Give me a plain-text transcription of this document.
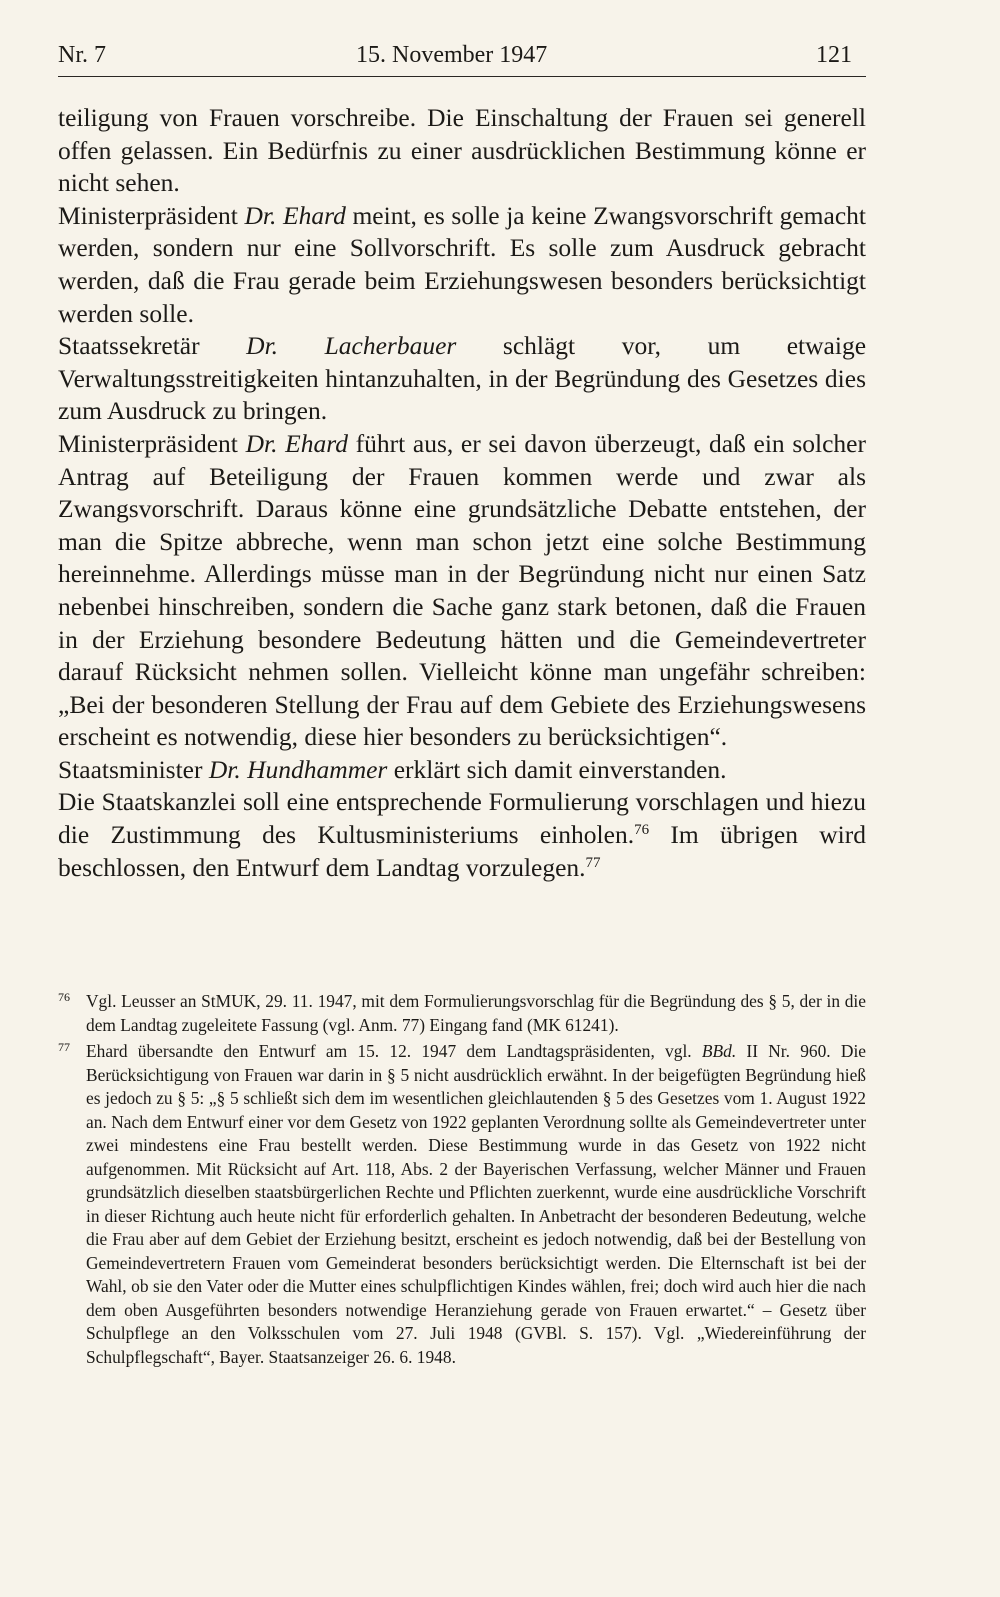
Nr. 7	15. November 1947	121

teiligung von Frauen vorschreibe. Die Einschaltung der Frauen sei generell offen gelassen. Ein Bedürfnis zu einer ausdrücklichen Bestimmung könne er nicht sehen.

Ministerpräsident Dr. Ehard meint, es solle ja keine Zwangsvorschrift gemacht werden, sondern nur eine Sollvorschrift. Es solle zum Ausdruck gebracht werden, daß die Frau gerade beim Erziehungswesen besonders berücksichtigt werden solle.

Staatssekretär Dr. Lacherbauer schlägt vor, um etwaige Verwaltungsstreitigkeiten hintanzuhalten, in der Begründung des Gesetzes dies zum Ausdruck zu bringen.

Ministerpräsident Dr. Ehard führt aus, er sei davon überzeugt, daß ein solcher Antrag auf Beteiligung der Frauen kommen werde und zwar als Zwangsvorschrift. Daraus könne eine grundsätzliche Debatte entstehen, der man die Spitze abbreche, wenn man schon jetzt eine solche Bestimmung hereinnehme. Allerdings müsse man in der Begründung nicht nur einen Satz nebenbei hinschreiben, sondern die Sache ganz stark betonen, daß die Frauen in der Erziehung besondere Bedeutung hätten und die Gemeindevertreter darauf Rücksicht nehmen sollen. Vielleicht könne man ungefähr schreiben: „Bei der besonderen Stellung der Frau auf dem Gebiete des Erziehungswesens erscheint es notwendig, diese hier besonders zu berücksichtigen“.

Staatsminister Dr. Hundhammer erklärt sich damit einverstanden.

Die Staatskanzlei soll eine entsprechende Formulierung vorschlagen und hiezu die Zustimmung des Kultusministeriums einholen.$^{76}$ Im übrigen wird beschlossen, den Entwurf dem Landtag vorzulegen.$^{77}$

76 Vgl. Leusser an StMUK, 29. 11. 1947, mit dem Formulierungsvorschlag für die Begründung des § 5, der in die dem Landtag zugeleitete Fassung (vgl. Anm. 77) Eingang fand (MK 61241).

77 Ehard übersandte den Entwurf am 15. 12. 1947 dem Landtagspräsidenten, vgl. BBd. II Nr. 960. Die Berücksichtigung von Frauen war darin in § 5 nicht ausdrücklich erwähnt. In der beigefügten Begründung hieß es jedoch zu § 5: „§ 5 schließt sich dem im wesentlichen gleichlautenden § 5 des Gesetzes vom 1. August 1922 an. Nach dem Entwurf einer vor dem Gesetz von 1922 geplanten Verordnung sollte als Gemeindevertreter unter zwei mindestens eine Frau bestellt werden. Diese Bestimmung wurde in das Gesetz von 1922 nicht aufgenommen. Mit Rücksicht auf Art. 118, Abs. 2 der Bayerischen Verfassung, welcher Männer und Frauen grundsätzlich dieselben staatsbürgerlichen Rechte und Pflichten zuerkennt, wurde eine ausdrückliche Vorschrift in dieser Richtung auch heute nicht für erforderlich gehalten. In Anbetracht der besonderen Bedeutung, welche die Frau aber auf dem Gebiet der Erziehung besitzt, erscheint es jedoch notwendig, daß bei der Bestellung von Gemeindevertretern Frauen vom Gemeinderat besonders berücksichtigt werden. Die Elternschaft ist bei der Wahl, ob sie den Vater oder die Mutter eines schulpflichtigen Kindes wählen, frei; doch wird auch hier die nach dem oben Ausgeführten besonders notwendige Heranziehung gerade von Frauen erwartet.“ – Gesetz über Schulpflege an den Volksschulen vom 27. Juli 1948 (GVBl. S. 157). Vgl. „Wiedereinführung der Schulpflegschaft“, Bayer. Staatsanzeiger 26. 6. 1948.
